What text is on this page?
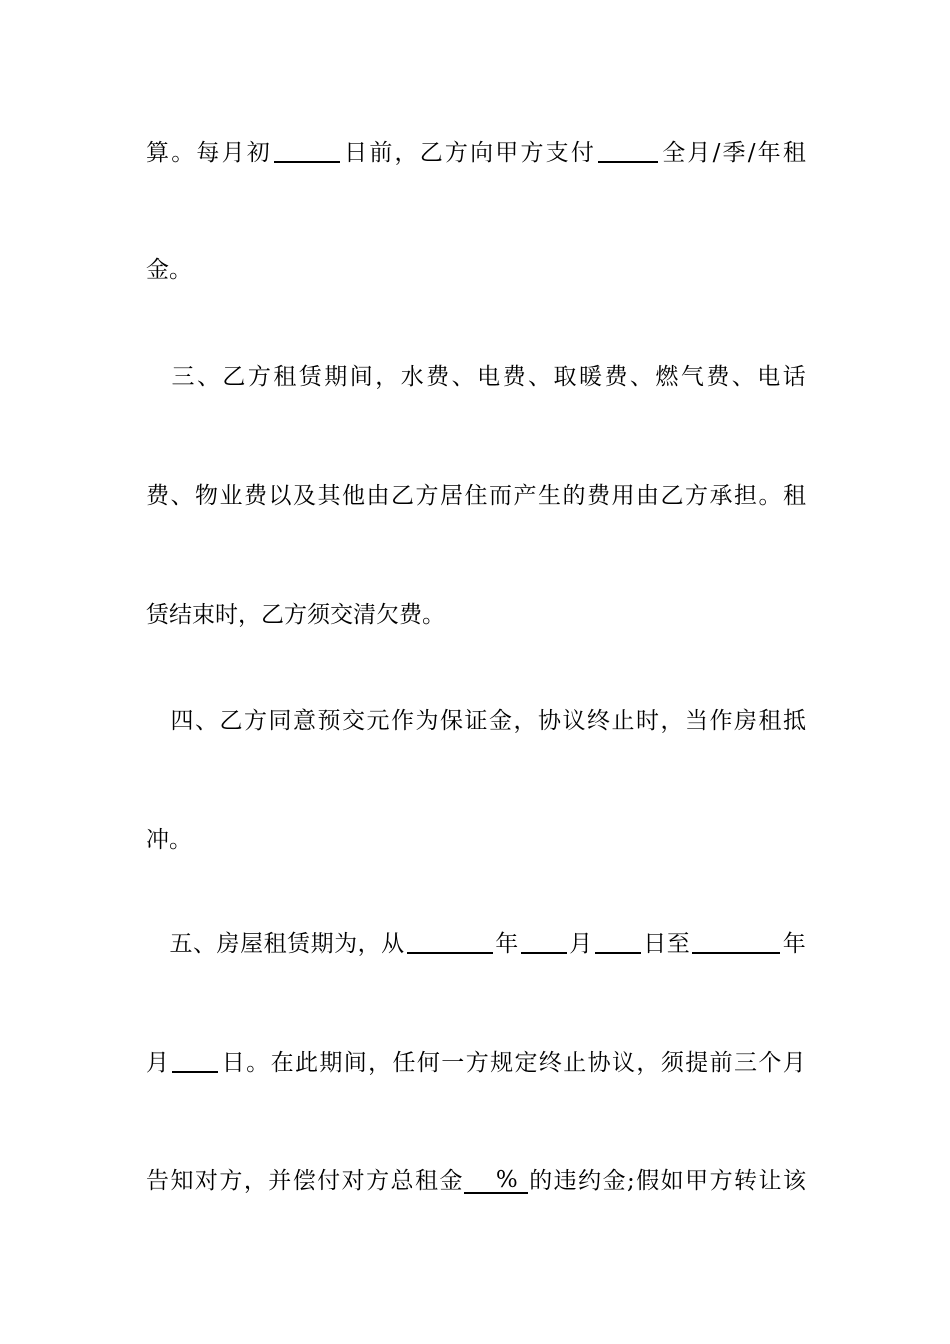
算 。 每 月 初	日 前 ， 乙 方 向 甲 方 支 付	全 月 / 季 / 年 租
金。

三 、 乙 方 租 赁 期 间 ， 水 费 、 电 费 、 取 暖 费 、 燃 气 费 、 电 话
费 、 物 业 费 以 及 其 他 由 乙 方 居 住 而 产 生 的 费 用 由 乙 方 承 担 。 租
赁结束时，乙方须交清欠费。

四 、 乙 方 同 意 预 交 元 作 为 保 证 金 ， 协 议 终 止 时 ， 当 作 房 租 抵
冲。

五 、 房 屋 租 赁 期 为 ， 从	年 月 日 至	年
月 日 。 在 此 期 间 ， 任 何 一 方 规 定 终 止 协 议 ， 须 提 前 三 个 月
告 知 对 方 ， 并 偿 付 对 方 总 租 金	% 的 违 约 金 ; 假 如 甲 方 转 让 该
